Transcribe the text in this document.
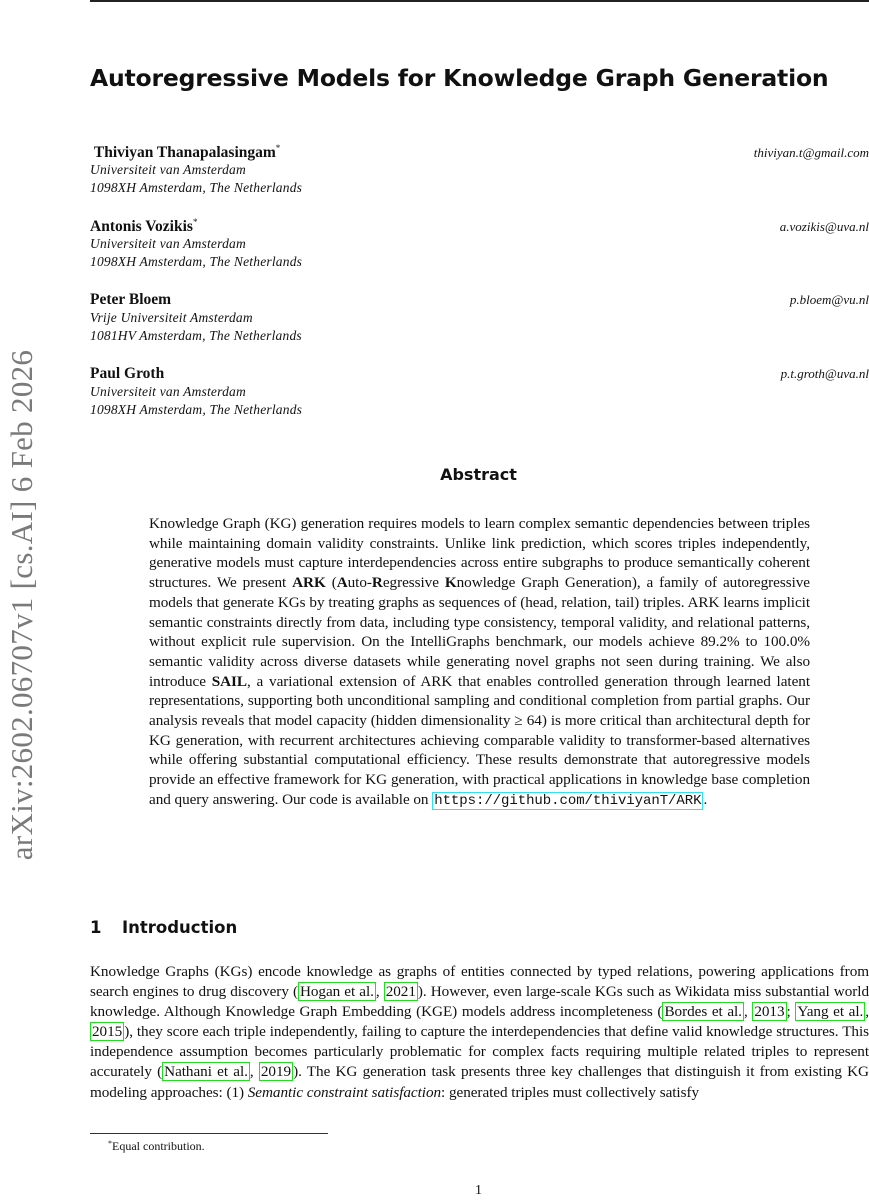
arXiv:2602.06707v1 [cs.AI] 6 Feb 2026
Autoregressive Models for Knowledge Graph Generation
Thiviyan Thanapalasingam*	thiviyan.t@gmail.com
Universiteit van Amsterdam
1098XH Amsterdam, The Netherlands
Antonis Vozikis*	a.vozikis@uva.nl
Universiteit van Amsterdam
1098XH Amsterdam, The Netherlands
Peter Bloem	p.bloem@vu.nl
Vrije Universiteit Amsterdam
1081HV Amsterdam, The Netherlands
Paul Groth	p.t.groth@uva.nl
Universiteit van Amsterdam
1098XH Amsterdam, The Netherlands
Abstract
Knowledge Graph (KG) generation requires models to learn complex semantic dependencies between triples while maintaining domain validity constraints. Unlike link prediction, which scores triples independently, generative models must capture interdependencies across entire subgraphs to produce semantically coherent structures. We present ARK (Auto-Regressive Knowledge Graph Generation), a family of autoregressive models that generate KGs by treating graphs as sequences of (head, relation, tail) triples. ARK learns implicit semantic constraints directly from data, including type consistency, temporal validity, and relational patterns, without explicit rule supervision. On the IntelliGraphs benchmark, our models achieve 89.2% to 100.0% semantic validity across diverse datasets while generating novel graphs not seen during training. We also introduce SAIL, a variational extension of ARK that enables controlled generation through learned latent representations, supporting both unconditional sampling and conditional completion from partial graphs. Our analysis reveals that model capacity (hidden dimensionality ≥ 64) is more critical than architectural depth for KG generation, with recurrent architectures achieving comparable validity to transformer-based alternatives while offering substantial computational efficiency. These results demonstrate that autoregressive models provide an effective framework for KG generation, with practical applications in knowledge base completion and query answering. Our code is available on https://github.com/thiviyanT/ARK .
1 Introduction
Knowledge Graphs (KGs) encode knowledge as graphs of entities connected by typed relations, powering applications from search engines to drug discovery ( Hogan et al. , 2021 ). However, even large-scale KGs such as Wikidata miss substantial world knowledge. Although Knowledge Graph Embedding (KGE) models address incompleteness ( Bordes et al. , 2013 ; Yang et al. , 2015 ), they score each triple independently, failing to capture the interdependencies that define valid knowledge structures. This independence assumption becomes particularly problematic for complex facts requiring multiple related triples to represent accurately ( Nathani et al. , 2019 ). The KG generation task presents three key challenges that distinguish it from existing KG modeling approaches: (1) Semantic constraint satisfaction: generated triples must collectively satisfy
*Equal contribution.
1
